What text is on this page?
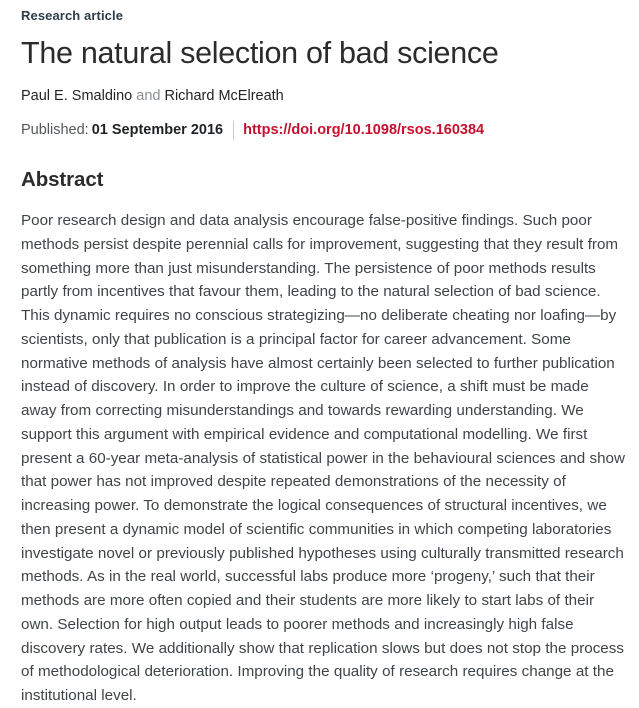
Research article
The natural selection of bad science
Paul E. Smaldino and Richard McElreath
Published: 01 September 2016 https://doi.org/10.1098/rsos.160384
Abstract

Poor research design and data analysis encourage false-positive findings. Such poor methods persist despite perennial calls for improvement, suggesting that they result from something more than just misunderstanding. The persistence of poor methods results partly from incentives that favour them, leading to the natural selection of bad science. This dynamic requires no conscious strategizing—no deliberate cheating nor loafing—by scientists, only that publication is a principal factor for career advancement. Some normative methods of analysis have almost certainly been selected to further publication instead of discovery. In order to improve the culture of science, a shift must be made away from correcting misunderstandings and towards rewarding understanding. We support this argument with empirical evidence and computational modelling. We first present a 60-year meta-analysis of statistical power in the behavioural sciences and show that power has not improved despite repeated demonstrations of the necessity of increasing power. To demonstrate the logical consequences of structural incentives, we then present a dynamic model of scientific communities in which competing laboratories investigate novel or previously published hypotheses using culturally transmitted research methods. As in the real world, successful labs produce more ‘progeny,’ such that their methods are more often copied and their students are more likely to start labs of their own. Selection for high output leads to poorer methods and increasingly high false discovery rates. We additionally show that replication slows but does not stop the process of methodological deterioration. Improving the quality of research requires change at the institutional level.
